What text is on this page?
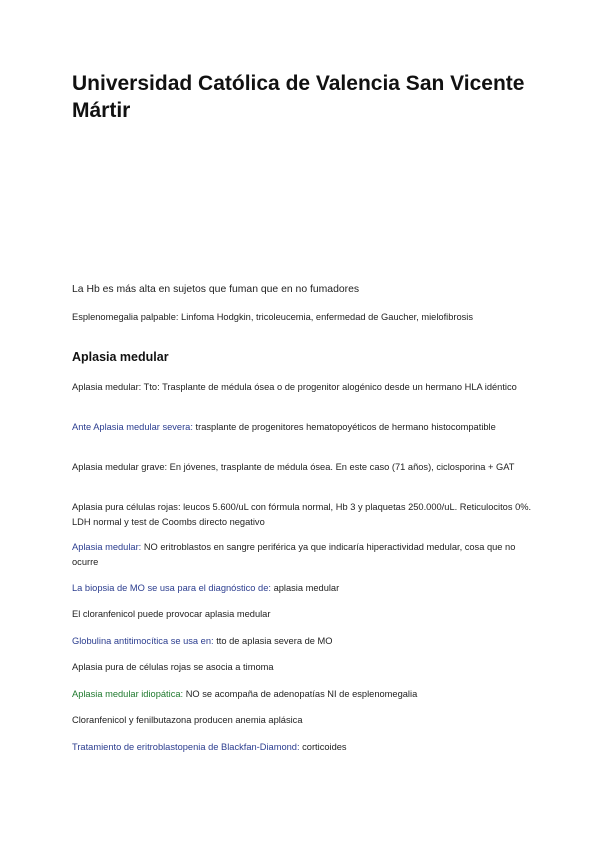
Universidad Católica de Valencia San Vicente Mártir

La Hb es más alta en sujetos que fuman que en no fumadores

Esplenomegalia palpable: Linfoma Hodgkin, tricoleucemia, enfermedad de Gaucher, mielofibrosis

Aplasia medular

Aplasia medular: Tto: Trasplante de médula ósea o de progenitor alogénico desde un hermano HLA idéntico

Ante Aplasia medular severa: trasplante de progenitores hematopoyéticos de hermano histocompatible

Aplasia medular grave: En jóvenes, trasplante de médula ósea. En este caso (71 años), ciclosporina + GAT

Aplasia pura células rojas: leucos 5.600/uL con fórmula normal, Hb 3 y plaquetas 250.000/uL. Reticulocitos 0%. LDH normal y test de Coombs directo negativo

Aplasia medular: NO eritroblastos en sangre periférica ya que indicaría hiperactividad medular, cosa que no ocurre

La biopsia de MO se usa para el diagnóstico de: aplasia medular

El cloranfenicol puede provocar aplasia medular

Globulina antitimocítica se usa en: tto de aplasia severa de MO

Aplasia pura de células rojas se asocia a timoma

Aplasia medular idiopática: NO se acompaña de adenopatías NI de esplenomegalia

Cloranfenicol y fenilbutazona producen anemia aplásica

Tratamiento de eritroblastopenia de Blackfan-Diamond: corticoides
